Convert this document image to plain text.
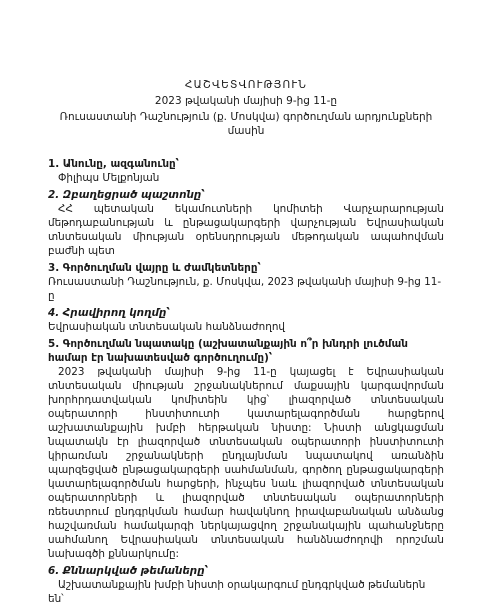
ՀԱՇՎԵՏՎՈՒԹՅՈՒՆ

2023 թվականի մայիսի 9-ից 11-ը

Ռուսաստանի Դաշնություն (ք. Մոսկվա) գործուղման արդյունքների մասին

1. Անունը, ազգանունը՝

Փիլիպս Մելքոնյան

2. Զբաղեցրած պաշտոնը՝

ՀՀ պետական եկամուտների կոմիտեի Վարչարարության մեթոդաբանության և ընթացակարգերի վարչության Եվրասիական տնտեսական միության օրենսդրության մեթոդական ապահովման բաժնի պետ

3. Գործուղման վայրը և ժամկետները՝

Ռուսաստանի Դաշնություն, ք. Մոսկվա, 2023 թվականի մայիսի 9-ից 11-ը

4. Հրավիրող կողմը՝

Եվրասիական տնտեսական հանձնաժողով

5. Գործուղման նպատակը (աշխատանքային ո՞ր խնդրի լուծման համար էր նախատեսված գործուղումը)՝

2023 թվականի մայիսի 9-ից 11-ը կայացել է Եվրասիական տնտեսական միության շրջանակներում մաքսային կարգավորման խորհրդատվական կոմիտեին կից՝ լիազորված տնտեսական օպերատորի ինստիտուտի կատարելագործման հարցերով աշխատանքային խմբի հերթական նիստը: Նիստի անցկացման նպատակն էր լիազորված տնտեսական օպերատորի ինստիտուտի կիրառման շրջանակների ընդլայնման նպատակով առանձին պարզեցված ընթացակարգերի սահմանման, գործող ընթացակարգերի կատարելագործման հարցերի, ինչպես նաև լիազորված տնտեսական օպերատորների և լիազորված տնտեսական օպերատորների ռեեստրում ընդգրկման համար հավակնող իրավաբանական անձանց հաշվառման համակարգի ներկայացվող շրջանակային պահանջները սահմանող Եվրասիական տնտեսական հանձնաժողովի որոշման նախագծի քննարկումը:

6. Քննարկված թեմաները՝

Աշխատանքային խմբի նիստի օրակարգում ընդգրկված թեմաներն են՝
